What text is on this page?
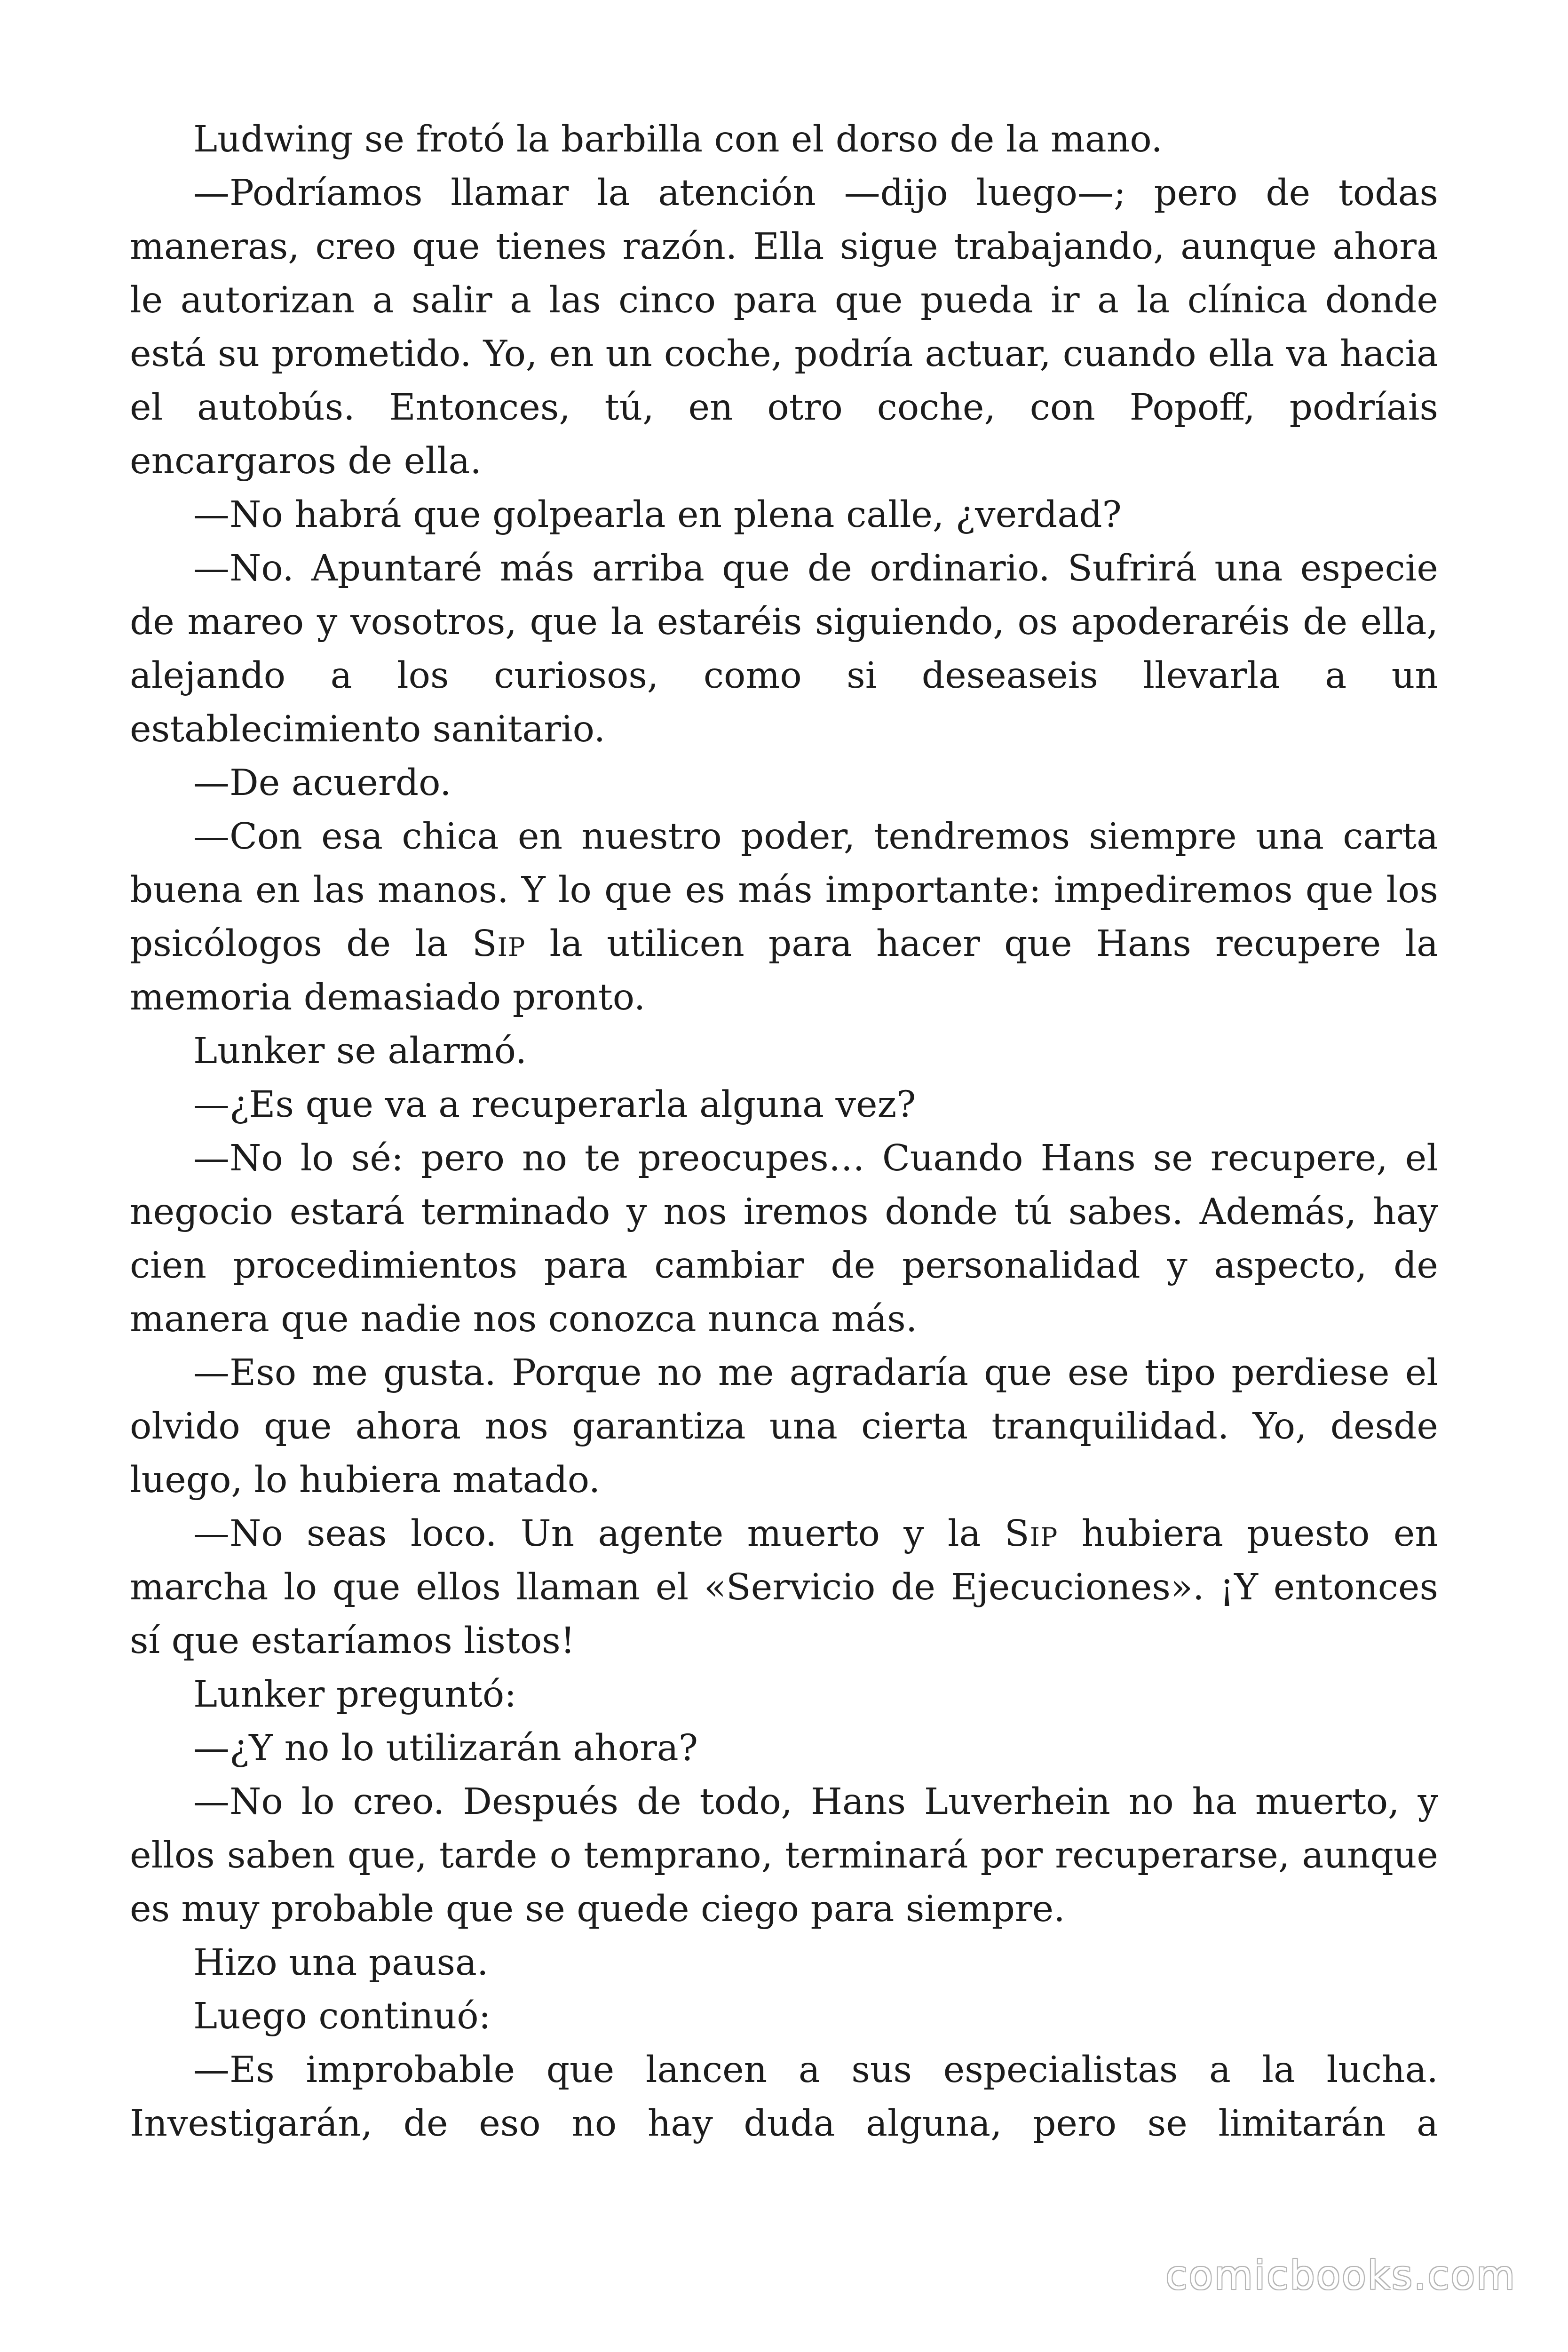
Ludwing se frotó la barbilla con el dorso de la mano.

—Podríamos llamar la atención —dijo luego—; pero de todas maneras, creo que tienes razón. Ella sigue trabajando, aunque ahora le autorizan a salir a las cinco para que pueda ir a la clínica donde está su prometido. Yo, en un coche, podría actuar, cuando ella va hacia el autobús. Entonces, tú, en otro coche, con Popoff, podríais encargaros de ella.

—No habrá que golpearla en plena calle, ¿verdad?

—No. Apuntaré más arriba que de ordinario. Sufrirá una especie de mareo y vosotros, que la estaréis siguiendo, os apoderaréis de ella, alejando a los curiosos, como si deseaseis llevarla a un establecimiento sanitario.

—De acuerdo.

—Con esa chica en nuestro poder, tendremos siempre una carta buena en las manos. Y lo que es más importante: impediremos que los psicólogos de la Sip la utilicen para hacer que Hans recupere la memoria demasiado pronto.

Lunker se alarmó.

—¿Es que va a recuperarla alguna vez?

—No lo sé: pero no te preocupes… Cuando Hans se recupere, el negocio estará terminado y nos iremos donde tú sabes. Además, hay cien procedimientos para cambiar de personalidad y aspecto, de manera que nadie nos conozca nunca más.

—Eso me gusta. Porque no me agradaría que ese tipo perdiese el olvido que ahora nos garantiza una cierta tranquilidad. Yo, desde luego, lo hubiera matado.

—No seas loco. Un agente muerto y la Sip hubiera puesto en marcha lo que ellos llaman el «Servicio de Ejecuciones». ¡Y entonces sí que estaríamos listos!

Lunker preguntó:

—¿Y no lo utilizarán ahora?

—No lo creo. Después de todo, Hans Luverhein no ha muerto, y ellos saben que, tarde o temprano, terminará por recuperarse, aunque es muy probable que se quede ciego para siempre.

Hizo una pausa.

Luego continuó:

—Es improbable que lancen a sus especialistas a la lucha. Investigarán, de eso no hay duda alguna, pero se limitarán a

comicbooks.com
